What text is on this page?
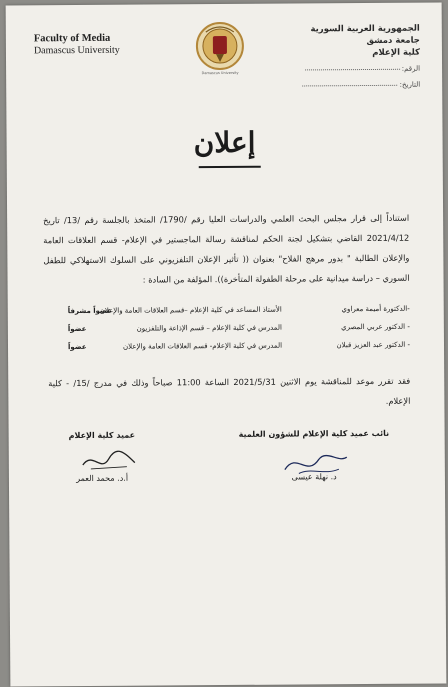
Faculty of Media
Damascus University
Damascus University
الجمهورية العربية السورية
جامعة دمشق
كلية الإعلام
الرقم:
التاريخ:
إعلان
استناداً إلى قرار مجلس البحث العلمي والدراسات العليا رقم /1790/ المتخذ بالجلسة رقم /13/ تاريخ 2021/4/12 القاضي بتشكيل لجنة الحكم لمناقشة رسالة الماجستير في الإعلام- قسم العلاقات العامة والإعلان الطالبة " بدور مرهج الفلاح" بعنوان (( تأثير الإعلان التلفزيوني على السلوك الاستهلاكي للطفل السوري – دراسة ميدانية على مرحلة الطفولة المتأخرة)). المؤلفة من السادة :
-الدكتورة أميمة معراوي
الأستاذ المساعد في كلية الإعلام –قسم العلاقات العامة والإعلان
عضواً مشرفاً
- الدكتور عربي المصري
المدرس في كلية الإعلام – قسم الإذاعة والتلفزيون
عضواً
- الدكتور عبد العزيز قبلان
المدرس في كلية الإعلام- قسم العلاقات العامة والإعلان
عضواً
فقد تقرر موعد للمناقشة يوم الاثنين 2021/5/31 الساعة 11:00 صباحاً وذلك في مدرج /15/ - كلية الإعلام.
عميد كلية الإعلام
أ.د. محمد العمر
نائب عميد كلية الإعلام للشؤون العلمية
د. نهلة عيسى
